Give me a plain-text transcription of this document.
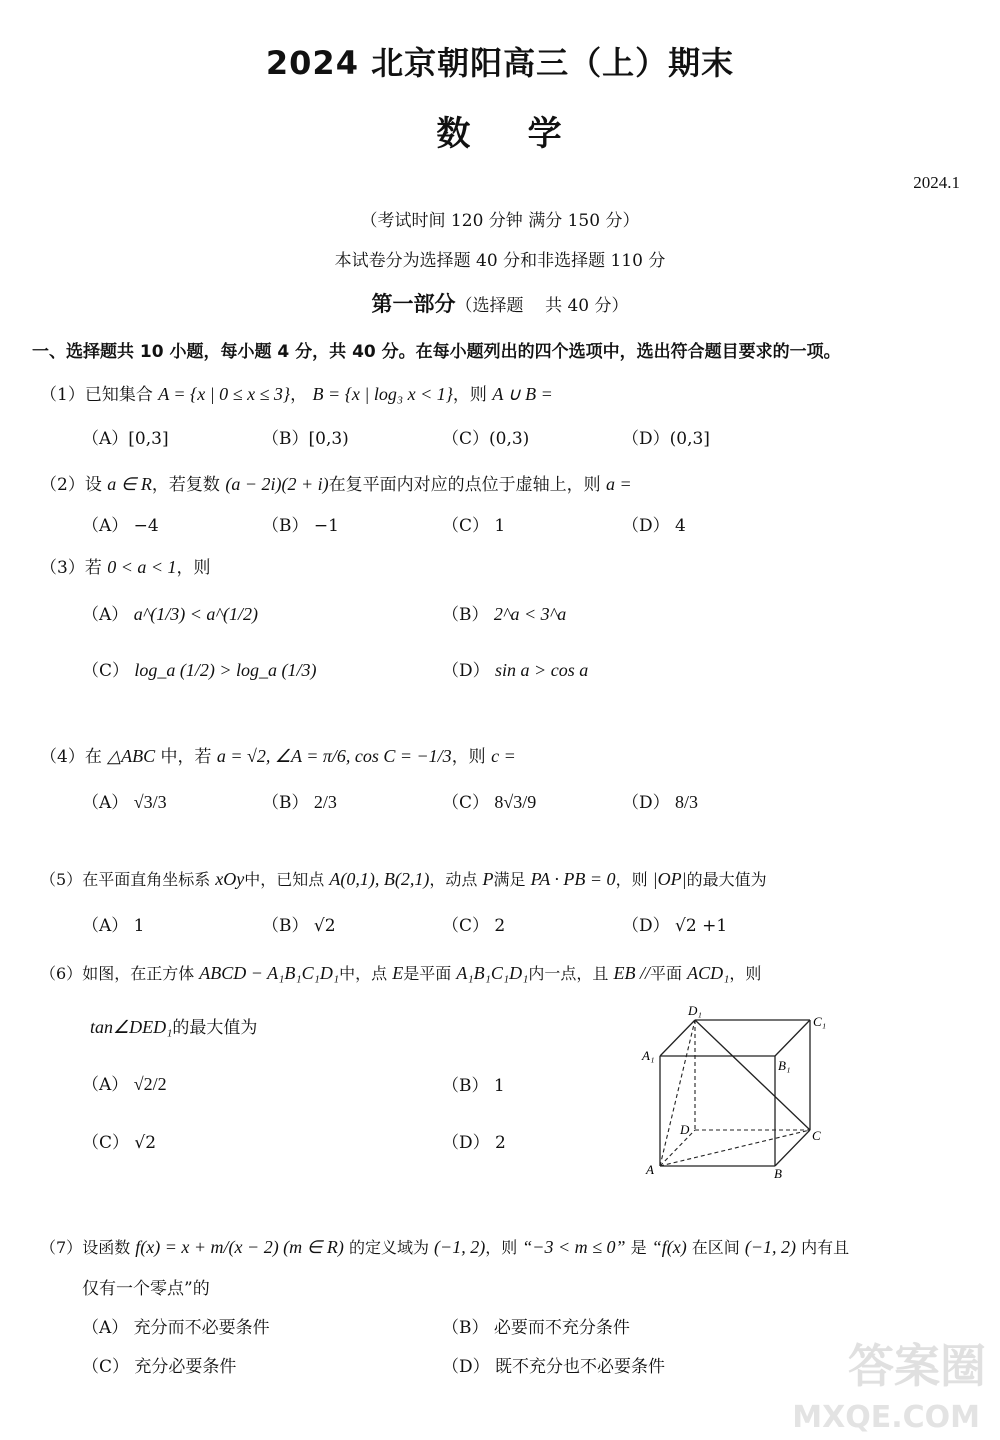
2024 北京朝阳高三（上）期末
数    学
2024.1
（考试时间 120 分钟 满分 150 分）
本试卷分为选择题 40 分和非选择题 110 分
第一部分（选择题    共 40 分）
一、选择题共 10 小题，每小题 4 分，共 40 分。在每小题列出的四个选项中，选出符合题目要求的一项。
（1）已知集合 A = {x | 0 ≤ x ≤ 3}， B = {x | log₃ x < 1}，则 A ∪ B =
（A）[0,3]	（B）[0,3)	（C）(0,3)	（D）(0,3]
（2）设 a ∈ R，若复数 (a − 2i)(2 + i)在复平面内对应的点位于虚轴上，则 a =
（A） −4	（B） −1	（C） 1	（D） 4
（3）若 0 < a < 1，则
（A） a^(1/3) < a^(1/2)	（B） 2^a < 3^a
（C） log_a (1/2) > log_a (1/3)	（D） sin a > cos a
（4）在 △ABC 中，若 a = √2, ∠A = π/6, cos C = −1/3，则 c =
（A） √3/3	（B） 2/3	（C） 8√3/9	（D） 8/3
（5）在平面直角坐标系 xOy中，已知点 A(0,1), B(2,1)，动点 P满足 PA · PB = 0，则 |OP|的最大值为
（A） 1	（B） √2	（C） 2	（D） √2 +1
（6）如图，在正方体 ABCD − A₁B₁C₁D₁中，点 E是平面 A₁B₁C₁D₁内一点，且 EB //平面 ACD₁，则
tan∠DED₁的最大值为
（A） √2/2	（B） 1
（C） √2	（D） 2
D₁
C₁
A₁
B₁
D	C
A	B
（7）设函数 f(x) = x + m/(x − 2) (m ∈ R) 的定义域为 (−1, 2)，则 “−3 < m ≤ 0” 是 “f(x) 在区间 (−1, 2) 内有且
仅有一个零点”的
（A） 充分而不必要条件	（B） 必要而不充分条件
（C） 充分必要条件	（D） 既不充分也不必要条件	答案圈
MXQE.COM
